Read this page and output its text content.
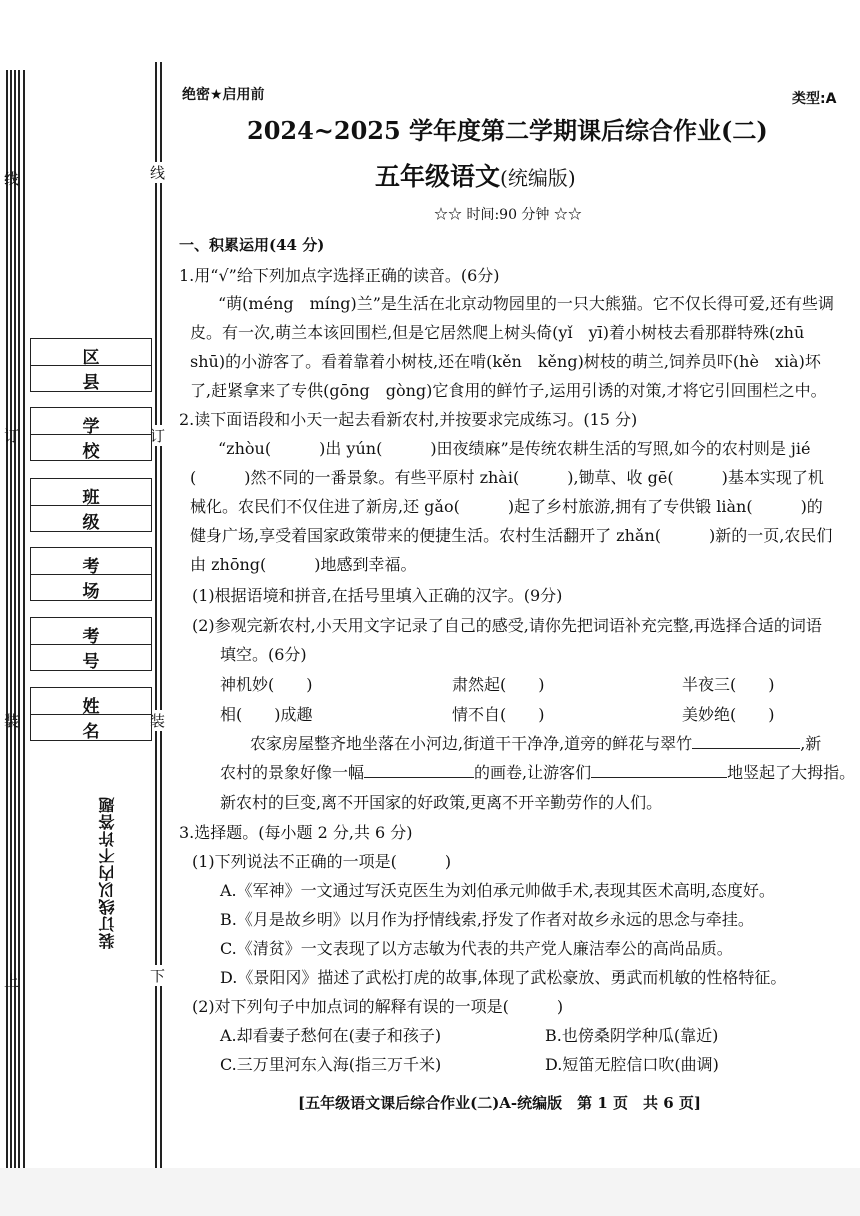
线
订
装
上
线
订
装
下
区县
学校
班级
考场
考号
姓名
装订线以内不许答题
绝密★启用前	类型:A
2024~2025 学年度第二学期课后综合作业(二)
五年级语文(统编版)
☆☆ 时间:90 分钟 ☆☆
一、积累运用(44 分)
1.用“√”给下列加点字选择正确的读音。(6分)
“萌(méng　míng)兰”是生活在北京动物园里的一只大熊猫。它不仅长得可爱,还有些调
皮。有一次,萌兰本该回围栏,但是它居然爬上树头倚(yǐ　yī)着小树枝去看那群特殊(zhū
shū)的小游客了。看着靠着小树枝,还在啃(kěn　kěng)树枝的萌兰,饲养员吓(hè　xià)坏
了,赶紧拿来了专供(gōng　gòng)它食用的鲜竹子,运用引诱的对策,才将它引回围栏之中。
2.读下面语段和小天一起去看新农村,并按要求完成练习。(15 分)
“zhòu(　　　)出 yún(　　　)田夜绩麻”是传统农耕生活的写照,如今的农村则是 jié
(　　　)然不同的一番景象。有些平原村 zhài(　　　),锄草、收 gē(　　　)基本实现了机
械化。农民们不仅住进了新房,还 gǎo(　　　)起了乡村旅游,拥有了专供锻 liàn(　　　)的
健身广场,享受着国家政策带来的便捷生活。农村生活翻开了 zhǎn(　　　)新的一页,农民们
由 zhōng(　　　)地感到幸福。
(1)根据语境和拼音,在括号里填入正确的汉字。(9分)
(2)参观完新农村,小天用文字记录了自己的感受,请你先把词语补充完整,再选择合适的词语
填空。(6分)
神机妙(　　)	肃然起(　　)	半夜三(　　)
相(　　)成趣	情不自(　　)	美妙绝(　　)
农家房屋整齐地坐落在小河边,街道干干净净,道旁的鲜花与翠竹	,新
农村的景象好像一幅	的画卷,让游客们	地竖起了大拇指。
新农村的巨变,离不开国家的好政策,更离不开辛勤劳作的人们。
3.选择题。(每小题 2 分,共 6 分)
(1)下列说法不正确的一项是(　　　)
A.《军神》一文通过写沃克医生为刘伯承元帅做手术,表现其医术高明,态度好。
B.《月是故乡明》以月作为抒情线索,抒发了作者对故乡永远的思念与牵挂。
C.《清贫》一文表现了以方志敏为代表的共产党人廉洁奉公的高尚品质。
D.《景阳冈》描述了武松打虎的故事,体现了武松豪放、勇武而机敏的性格特征。
(2)对下列句子中加点词的解释有误的一项是(　　　)
A.却看妻子愁何在(妻子和孩子)	B.也傍桑阴学种瓜(靠近)
C.三万里河东入海(指三万千米)	D.短笛无腔信口吹(曲调)
[五年级语文课后综合作业(二)A-统编版　第 1 页　共 6 页]
